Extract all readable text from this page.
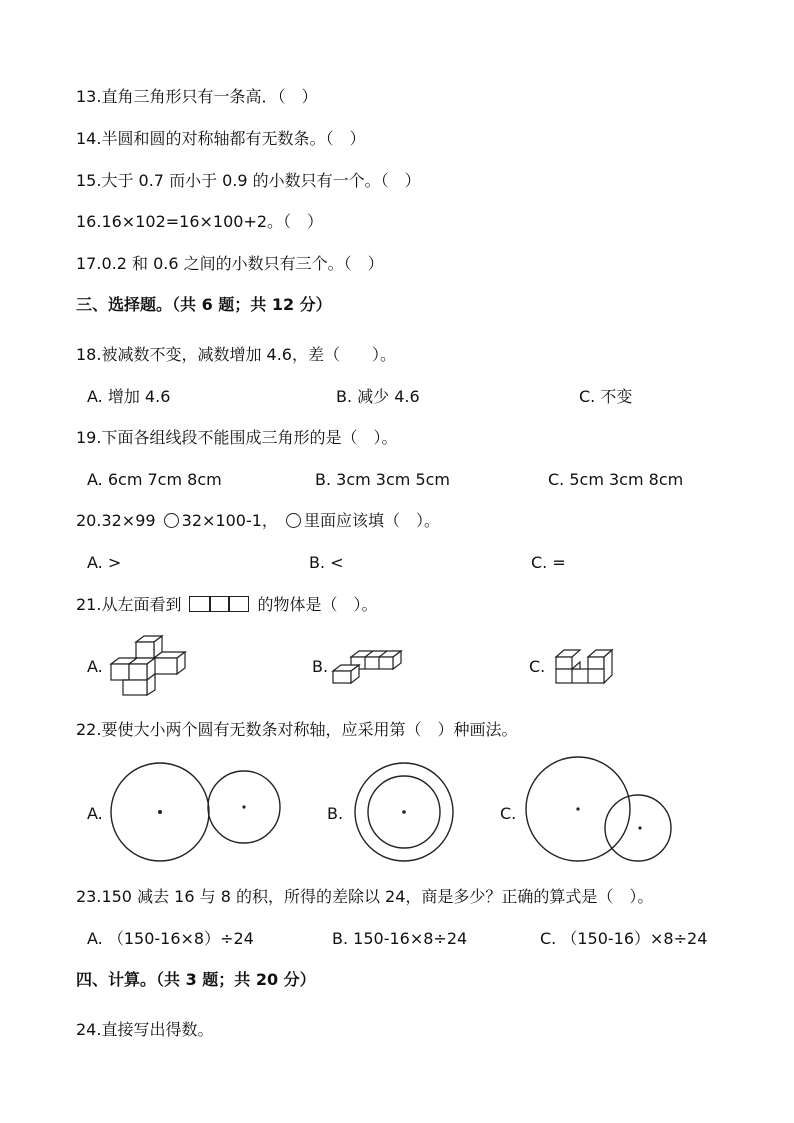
13.直角三角形只有一条高．（　）
14.半圆和圆的对称轴都有无数条。（　）
15.大于 0.7 而小于 0.9 的小数只有一个。（　）
16.16×102=16×100+2。（　）
17.0.2 和 0.6 之间的小数只有三个。（　）
三、选择题。（共 6 题；共 12 分）
18.被减数不变，减数增加 4.6，差（　　）。
A. 增加 4.6	B. 减少 4.6	C. 不变
19.下面各组线段不能围成三角形的是（　）。
A. 6cm 7cm 8cm	B. 3cm 3cm 5cm	C. 5cm 3cm 8cm
20.32×99 32×100-1， 里面应该填（　）。
A. >	B. <	C. =
21.从左面看到	的物体是（　）。
A.	B.	C.
22.要使大小两个圆有无数条对称轴，应采用第（　）种画法。
A.	B.	C.
23.150 减去 16 与 8 的积，所得的差除以 24，商是多少？正确的算式是（　）。
A. （150-16×8）÷24	B. 150-16×8÷24	C. （150-16）×8÷24
四、计算。（共 3 题；共 20 分）
24.直接写出得数。
